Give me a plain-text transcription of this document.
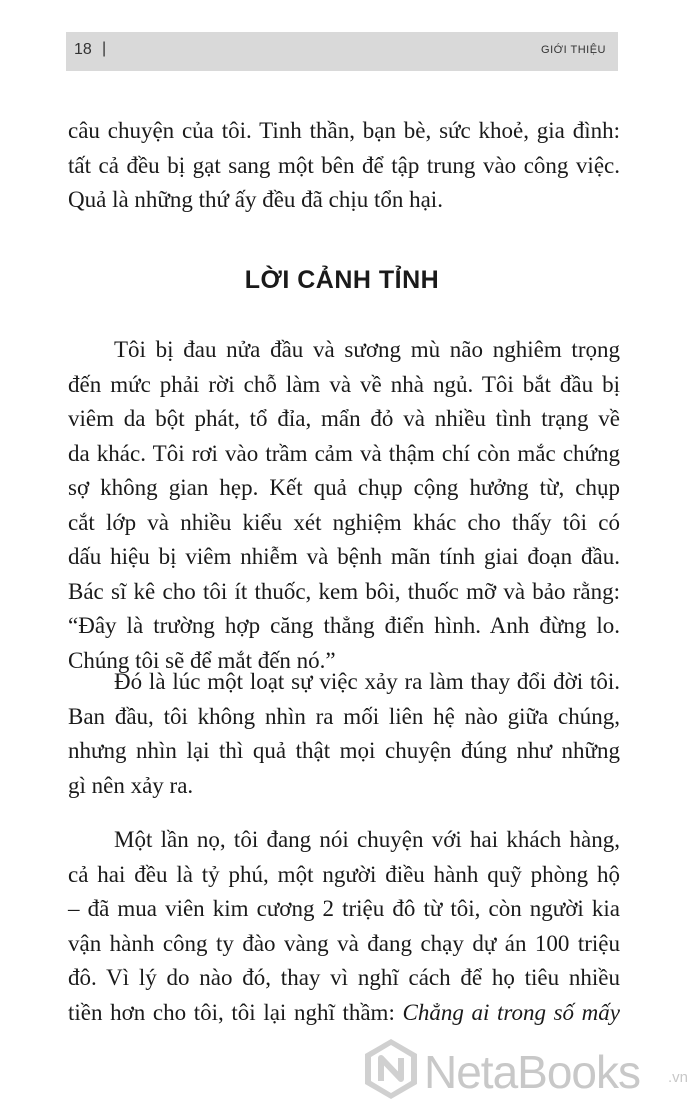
18 |	GIỚI THIỆU
câu chuyện của tôi. Tinh thần, bạn bè, sức khoẻ, gia đình:
tất cả đều bị gạt sang một bên để tập trung vào công việc.
Quả là những thứ ấy đều đã chịu tổn hại.
LỜI CẢNH TỈNH
Tôi bị đau nửa đầu và sương mù não nghiêm trọng
đến mức phải rời chỗ làm và về nhà ngủ. Tôi bắt đầu bị
viêm da bột phát, tổ đỉa, mẩn đỏ và nhiều tình trạng về
da khác. Tôi rơi vào trầm cảm và thậm chí còn mắc chứng
sợ không gian hẹp. Kết quả chụp cộng hưởng từ, chụp
cắt lớp và nhiều kiểu xét nghiệm khác cho thấy tôi có
dấu hiệu bị viêm nhiễm và bệnh mãn tính giai đoạn đầu.
Bác sĩ kê cho tôi ít thuốc, kem bôi, thuốc mỡ và bảo rằng:
“Đây là trường hợp căng thẳng điển hình. Anh đừng lo.
Chúng tôi sẽ để mắt đến nó.”
Đó là lúc một loạt sự việc xảy ra làm thay đổi đời tôi.
Ban đầu, tôi không nhìn ra mối liên hệ nào giữa chúng,
nhưng nhìn lại thì quả thật mọi chuyện đúng như những
gì nên xảy ra.
Một lần nọ, tôi đang nói chuyện với hai khách hàng,
cả hai đều là tỷ phú, một người điều hành quỹ phòng hộ
– đã mua viên kim cương 2 triệu đô từ tôi, còn người kia
vận hành công ty đào vàng và đang chạy dự án 100 triệu
đô. Vì lý do nào đó, thay vì nghĩ cách để họ tiêu nhiều
tiền hơn cho tôi, tôi lại nghĩ thầm: Chẳng ai trong số mấy
NetaBooks .vn
